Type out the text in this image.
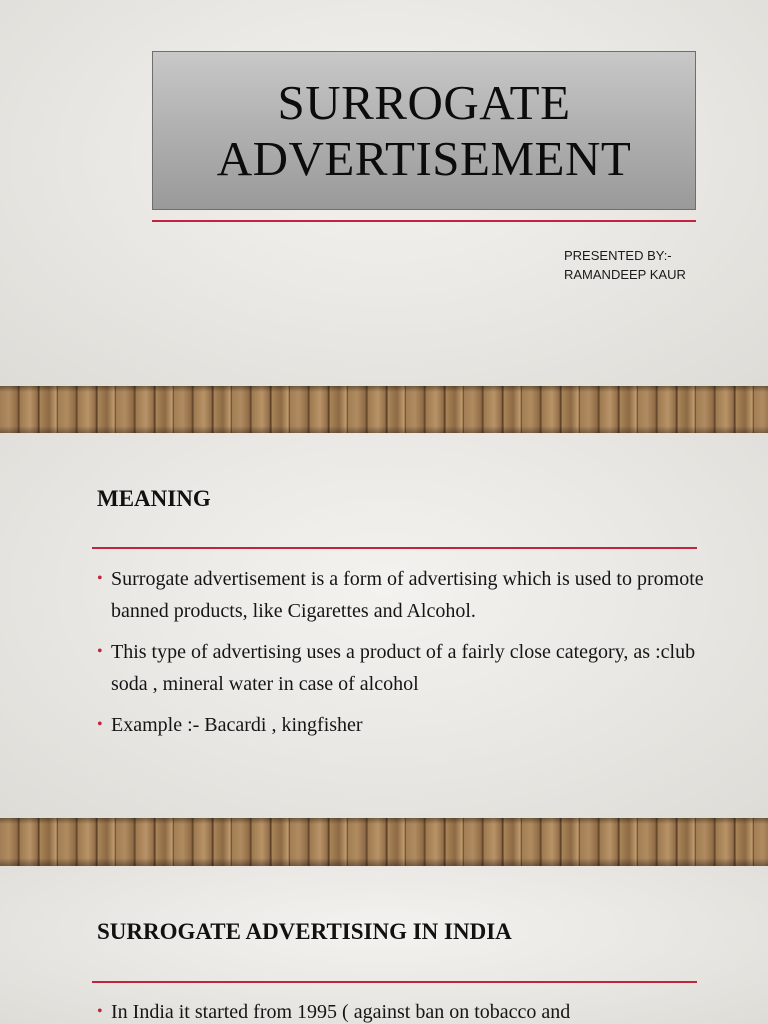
SURROGATE
ADVERTISEMENT
PRESENTED BY:-
RAMANDEEP KAUR
MEANING
• Surrogate advertisement is a form of advertising which is used to promote banned products, like Cigarettes and Alcohol.
• This type of advertising uses a product of a fairly close category, as :club soda , mineral water in case of alcohol
• Example :- Bacardi , kingfisher
SURROGATE ADVERTISING IN INDIA
• In India it started from 1995 ( against ban on tobacco and
